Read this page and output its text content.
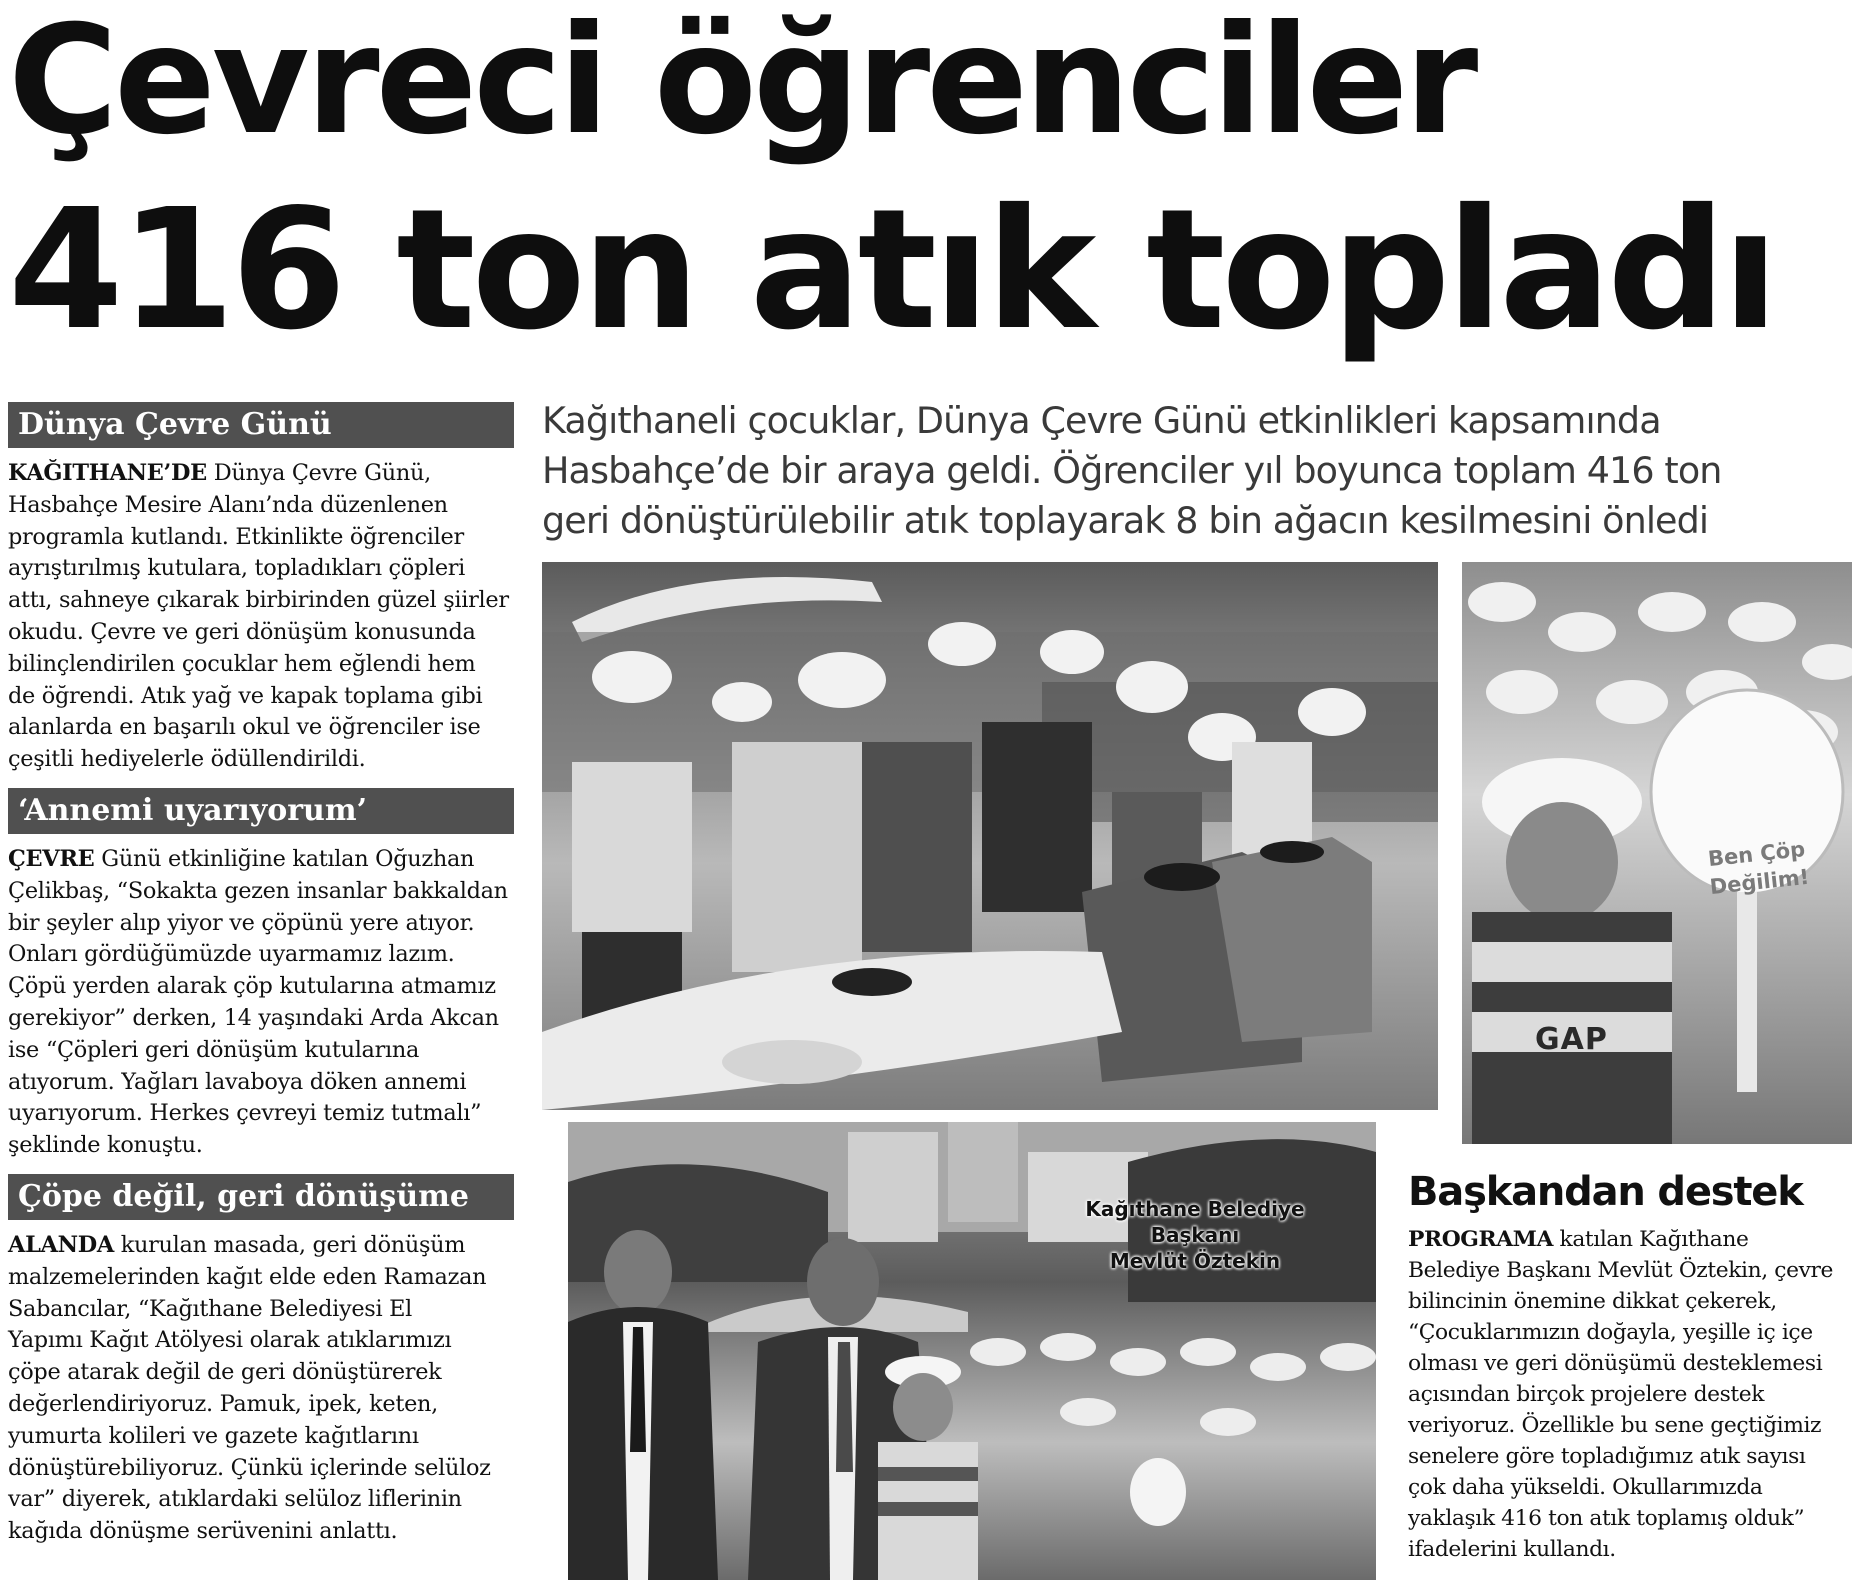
Çevreci öğrenciler
416 ton atık topladı
Dünya Çevre Günü

KAĞITHANE’DE Dünya Çevre Günü,
Hasbahçe Mesire Alanı’nda düzenlenen
programla kutlandı. Etkinlikte öğrenciler
ayrıştırılmış kutulara, topladıkları çöpleri
attı, sahneye çıkarak birbirinden güzel şiirler
okudu. Çevre ve geri dönüşüm konusunda
bilinçlendirilen çocuklar hem eğlendi hem
de öğrendi. Atık yağ ve kapak toplama gibi
alanlarda en başarılı okul ve öğrenciler ise
çeşitli hediyelerle ödüllendirildi.

‘Annemi uyarıyorum’

ÇEVRE Günü etkinliğine katılan Oğuzhan
Çelikbaş, “Sokakta gezen insanlar bakkaldan
bir şeyler alıp yiyor ve çöpünü yere atıyor.
Onları gördüğümüzde uyarmamız lazım.
Çöpü yerden alarak çöp kutularına atmamız
gerekiyor” derken, 14 yaşındaki Arda Akcan
ise “Çöpleri geri dönüşüm kutularına
atıyorum. Yağları lavaboya döken annemi
uyarıyorum. Herkes çevreyi temiz tutmalı”
şeklinde konuştu.

Çöpe değil, geri dönüşüme

ALANDA kurulan masada, geri dönüşüm
malzemelerinden kağıt elde eden Ramazan
Sabancılar, “Kağıthane Belediyesi El
Yapımı Kağıt Atölyesi olarak atıklarımızı
çöpe atarak değil de geri dönüştürerek
değerlendiriyoruz. Pamuk, ipek, keten,
yumurta kolileri ve gazete kağıtlarını
dönüştürebiliyoruz. Çünkü içlerinde selüloz
var” diyerek, atıklardaki selüloz liflerinin
kağıda dönüşme serüvenini anlattı.

Kağıthaneli çocuklar, Dünya Çevre Günü etkinlikleri kapsamında
Hasbahçe’de bir araya geldi. Öğrenciler yıl boyunca toplam 416 ton
geri dönüştürülebilir atık toplayarak 8 bin ağacın kesilmesini önledi
Kağıthane Belediye Başkanı
Mevlüt Öztekin
Ben Çöp
Değilim!
GAP
Başkandan destek

PROGRAMA katılan Kağıthane
Belediye Başkanı Mevlüt Öztekin, çevre
bilincinin önemine dikkat çekerek,
“Çocuklarımızın doğayla, yeşille iç içe
olması ve geri dönüşümü desteklemesi
açısından birçok projelere destek
veriyoruz. Özellikle bu sene geçtiğimiz
senelere göre topladığımız atık sayısı
çok daha yükseldi. Okullarımızda
yaklaşık 416 ton atık toplamış olduk”
ifadelerini kullandı.
